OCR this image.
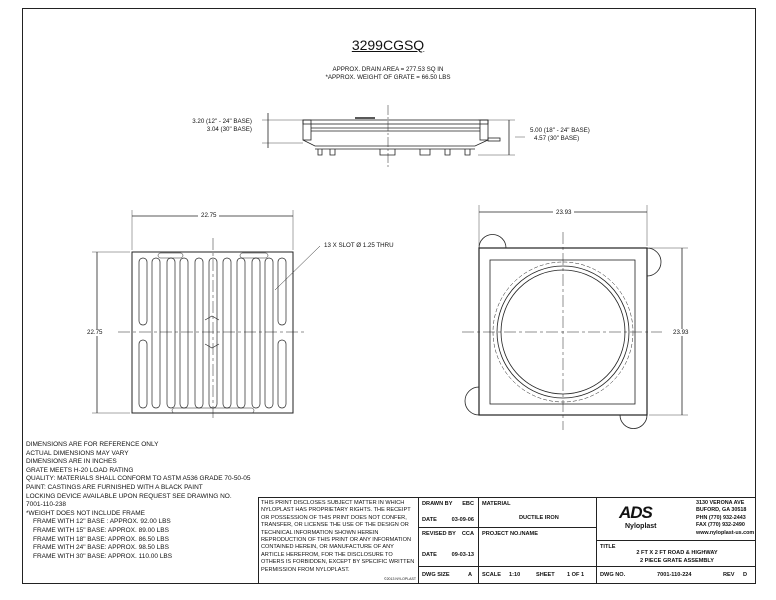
3299CGSQ
APPROX. DRAIN AREA = 277.53 SQ IN
*APPROX. WEIGHT OF GRATE = 66.50 LBS
3.20 (12" - 24" BASE)
3.04 (30" BASE)	5.00 (18" - 24" BASE)
4.57 (30" BASE)
22.75
22.75
13 X SLOT Ø 1.25 THRU
23.93
23.93
DIMENSIONS ARE FOR REFERENCE ONLY
ACTUAL DIMENSIONS MAY VARY
DIMENSIONS ARE IN INCHES
GRATE MEETS H-20 LOAD RATING
QUALITY: MATERIALS SHALL CONFORM TO ASTM A536 GRADE 70-50-05
PAINT: CASTINGS ARE FURNISHED WITH A BLACK PAINT
LOCKING DEVICE AVAILABLE UPON REQUEST SEE DRAWING NO.
7001-110-238
*WEIGHT DOES NOT INCLUDE FRAME
FRAME WITH 12" BASE : APPROX. 92.00 LBS
FRAME WITH 15" BASE: APPROX. 89.00 LBS
FRAME WITH 18" BASE: APPROX. 86.50 LBS
FRAME WITH 24" BASE: APPROX. 98.50 LBS
FRAME WITH 30" BASE: APPROX. 110.00 LBS
THIS PRINT DISCLOSES SUBJECT MATTER IN WHICH NYLOPLAST HAS PROPRIETARY RIGHTS. THE RECEIPT OR POSSESSION OF THIS PRINT DOES NOT CONFER, TRANSFER, OR LICENSE THE USE OF THE DESIGN OR TECHNICAL INFORMATION SHOWN HEREIN REPRODUCTION OF THIS PRINT OR ANY INFORMATION CONTAINED HEREIN, OR MANUFACTURE OF ANY ARTICLE HEREFROM, FOR THE DISCLOSURE TO OTHERS IS FORBIDDEN, EXCEPT BY SPECIFIC WRITTEN PERMISSION FROM NYLOPLAST.
©2013 NYLOPLAST
DRAWN BY EBC
DATE	03-09-06
REVISED BY CCA
DATE	09-03-13
DWG SIZE	A
MATERIAL
DUCTILE IRON
PROJECT NO./NAME
SCALE 1:10	SHEET 1 OF 1
ADS
Nyloplast
3130 VERONA AVE
BUFORD, GA 30518
PHN (770) 932-2443
FAX (770) 932-2490
www.nyloplast-us.com
TITLE
2 FT X 2 FT ROAD & HIGHWAY
2 PIECE GRATE ASSEMBLY
DWG NO.	7001-110-224	REV D
